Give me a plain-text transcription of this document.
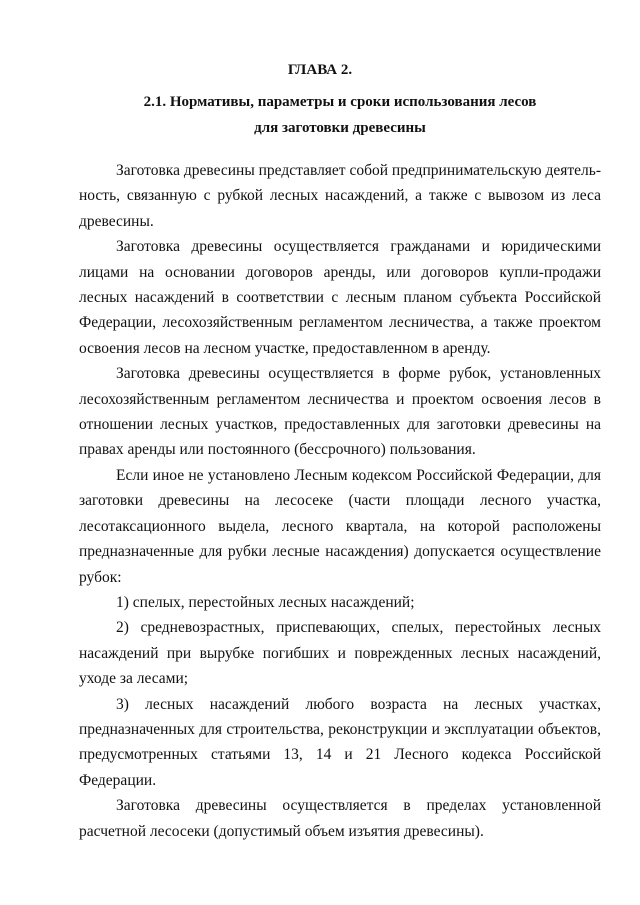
ГЛАВА 2.
2.1. Нормативы, параметры и сроки использования лесов
для заготовки древесины

Заготовка древесины представляет собой предпринимательскую деятельность, связанную с рубкой лесных насаждений, а также с вывозом из леса древесины.

Заготовка древесины осуществляется гражданами и юридическими лицами на основании договоров аренды, или договоров купли-продажи лесных насаждений в соответствии с лесным планом субъекта Российской Федерации, лесохозяйственным регламентом лесничества, а также проектом освоения лесов на лесном участке, предоставленном в аренду.

Заготовка древесины осуществляется в форме рубок, установленных лесохозяйственным регламентом лесничества и проектом освоения лесов в отношении лесных участков, предоставленных для заготовки древесины на правах аренды или постоянного (бессрочного) пользования.

Если иное не установлено Лесным кодексом Российской Федерации, для заготовки древесины на лесосеке (части площади лесного участка, лесотаксационного выдела, лесного квартала, на которой расположены предназначенные для рубки лесные насаждения) допускается осуществление рубок:

1) спелых, перестойных лесных насаждений;

2) средневозрастных, приспевающих, спелых, перестойных лесных насаждений при вырубке погибших и поврежденных лесных насаждений, уходе за лесами;

3) лесных насаждений любого возраста на лесных участках, предназначенных для строительства, реконструкции и эксплуатации объектов, предусмотренных статьями 13, 14 и 21 Лесного кодекса Российской Федерации.

Заготовка древесины осуществляется в пределах установленной расчетной лесосеки (допустимый объем изъятия древесины).
